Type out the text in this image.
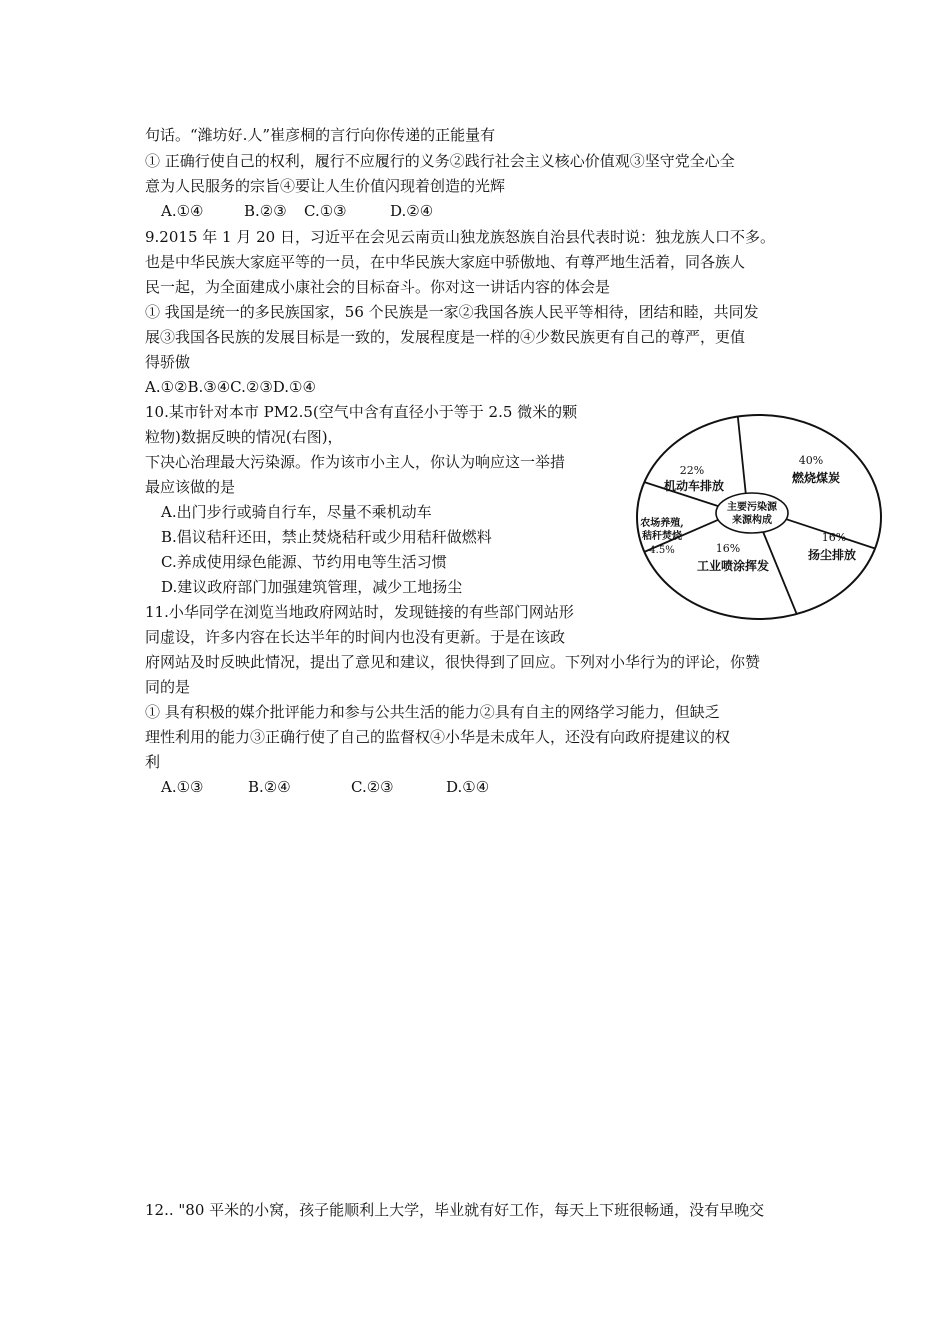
句话。“潍坊好.人”崔彦桐的言行向你传递的正能量有
① 正确行使自己的权利，履行不应履行的义务②践行社会主义核心价值观③坚守党全心全
意为人民服务的宗旨④要让人生价值闪现着创造的光辉
A.①④	B.②③ C.①③	D.②④
9.2015 年 1 月 20 日，习近平在会见云南贡山独龙族怒族自治县代表时说：独龙族人口不多。
也是中华民族大家庭平等的一员，在中华民族大家庭中骄傲地、有尊严地生活着，同各族人
民一起，为全面建成小康社会的目标奋斗。你对这一讲话内容的体会是
① 我国是统一的多民族国家，56 个民族是一家②我国各族人民平等相待，团结和睦，共同发
展③我国各民族的发展目标是一致的，发展程度是一样的④少数民族更有自己的尊严，更值
得骄傲
A.①②B.③④C.②③D.①④
10.某市针对本市 PM2.5(空气中含有直径小于等于 2.5 微米的颗
粒物)数据反映的情况(右图)，
下决心治理最大污染源。作为该市小主人，你认为响应这一举措
最应该做的是
A.出门步行或骑自行车，尽量不乘机动车
B.倡议秸秆还田，禁止焚烧秸秆或少用秸秆做燃料
C.养成使用绿色能源、节约用电等生活习惯
D.建议政府部门加强建筑管理，减少工地扬尘
主要污染源
来源构成
40%
燃烧煤炭
16%
扬尘排放
16%
工业喷涂挥发
农场养殖,
秸秆焚烧
4.5%
22%
机动车排放
11.小华同学在浏览当地政府网站时，发现链接的有些部门网站形
同虚设，许多内容在长达半年的时间内也没有更新。于是在该政
府网站及时反映此情况，提出了意见和建议，很快得到了回应。下列对小华行为的评论，你赞
同的是
① 具有积极的媒介批评能力和参与公共生活的能力②具有自主的网络学习能力，但缺乏
理性利用的能力③正确行使了自己的监督权④小华是未成年人，还没有向政府提建议的权
利
A.①③	B.②④	C.②③	D.①④
12.. "80 平米的小窝，孩子能顺利上大学，毕业就有好工作，每天上下班很畅通，没有早晚交
